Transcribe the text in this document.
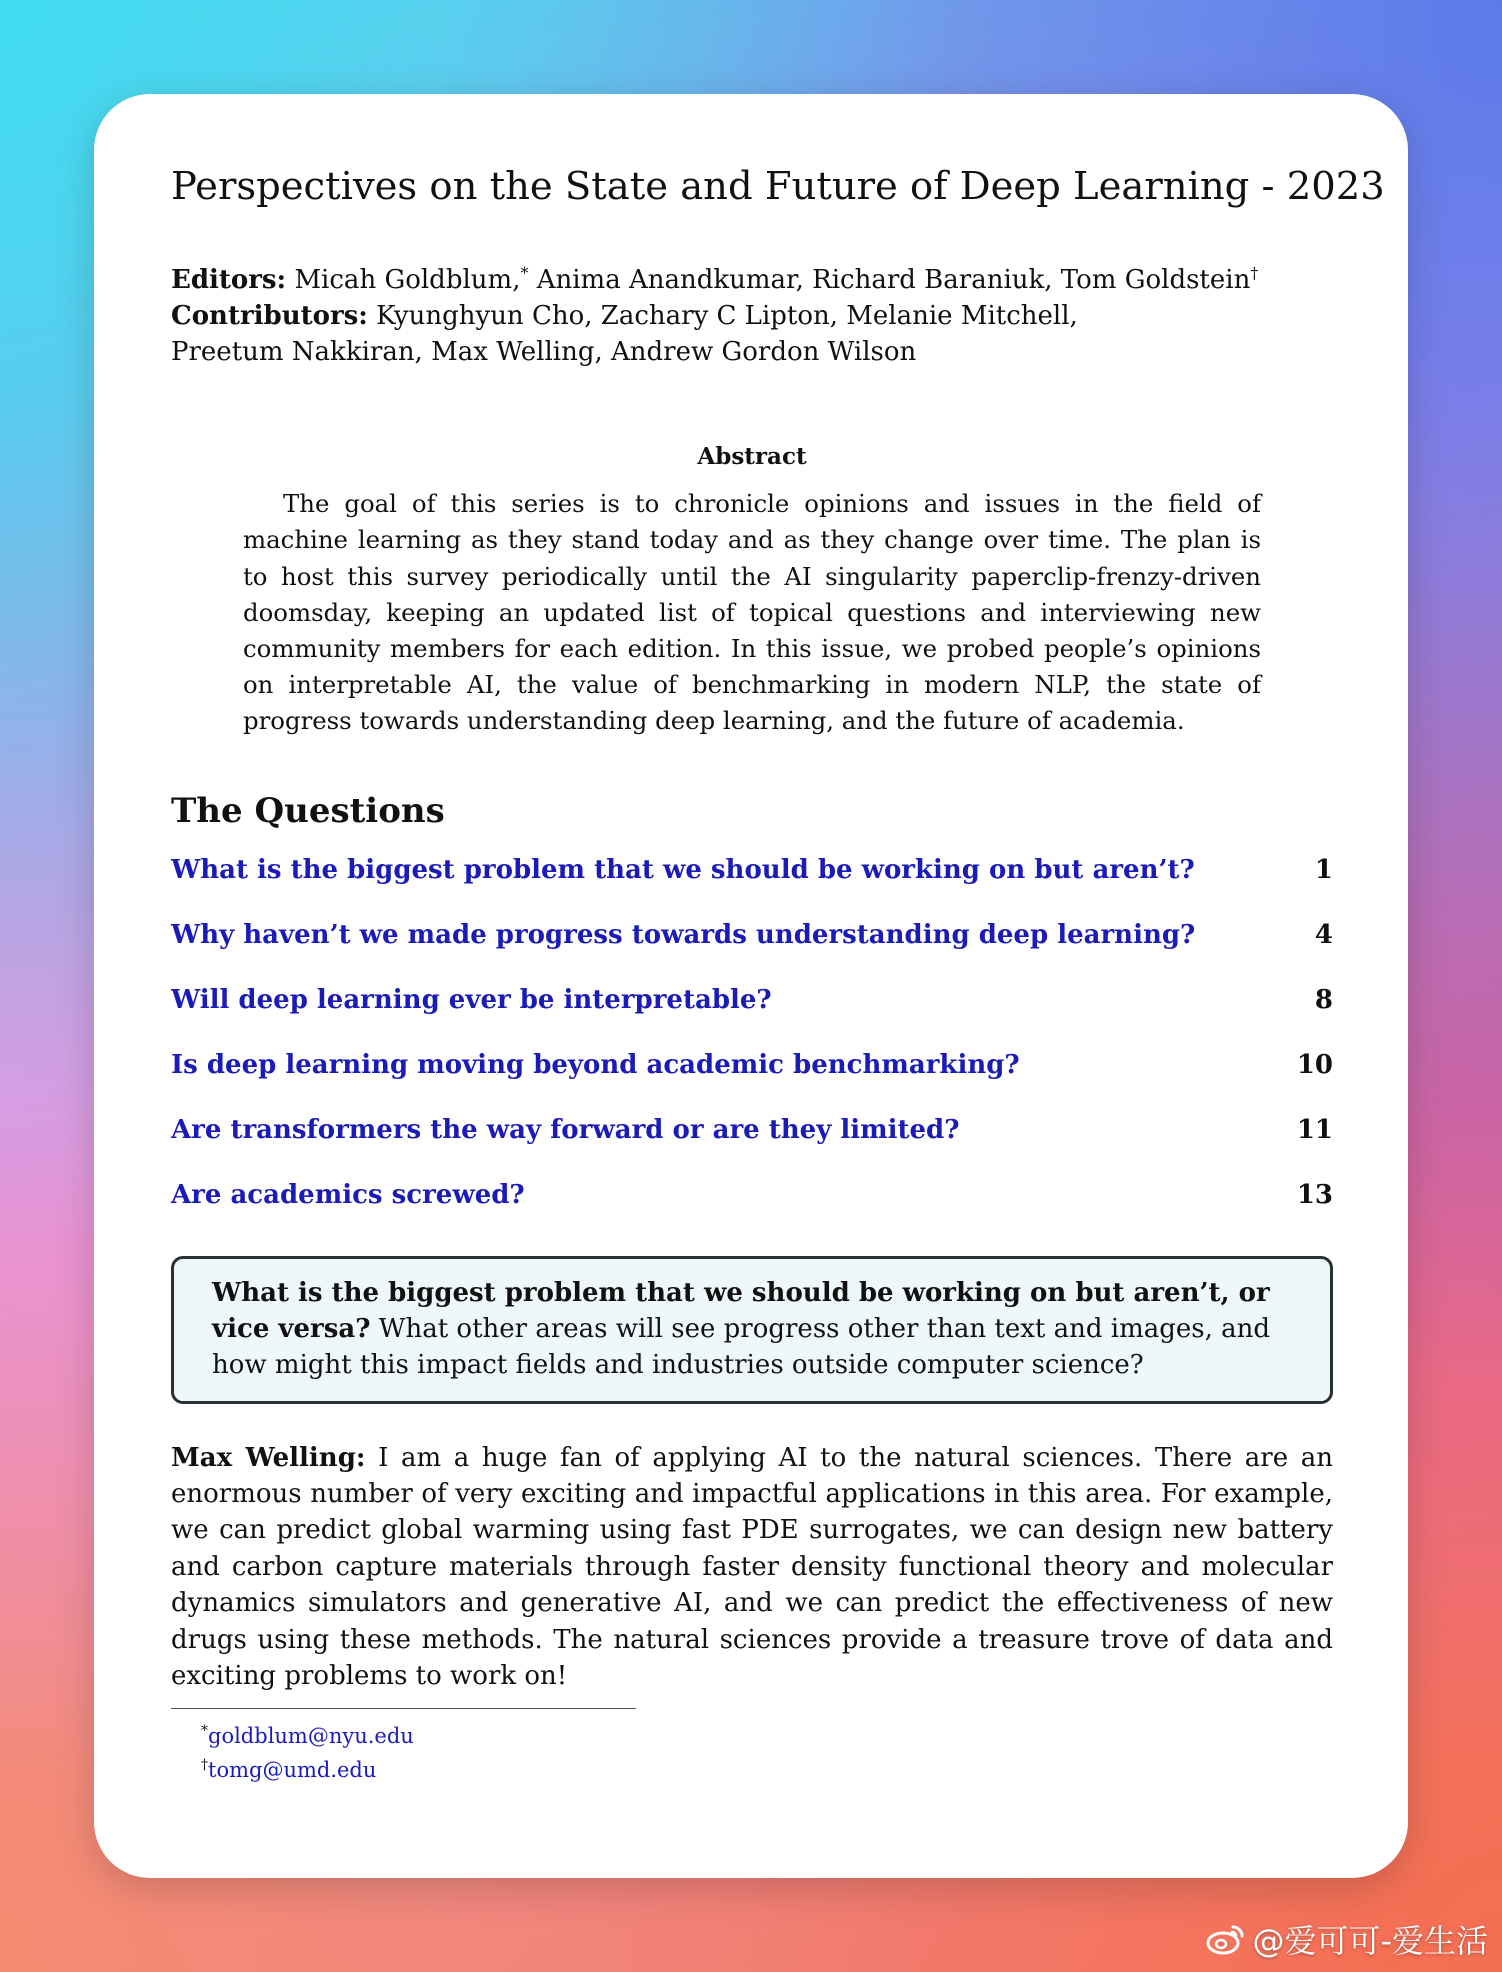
Perspectives on the State and Future of Deep Learning - 2023
Editors: Micah Goldblum,* Anima Anandkumar, Richard Baraniuk, Tom Goldstein†
Contributors: Kyunghyun Cho, Zachary C Lipton, Melanie Mitchell,
Preetum Nakkiran, Max Welling, Andrew Gordon Wilson
Abstract
The goal of this series is to chronicle opinions and issues in the field of machine learning as they stand today and as they change over time. The plan is to host this survey periodically until the AI singularity paperclip-frenzy-driven doomsday, keeping an updated list of topical questions and interviewing new community members for each edition. In this issue, we probed people’s opinions on interpretable AI, the value of benchmarking in modern NLP, the state of progress towards understanding deep learning, and the future of academia.
The Questions
What is the biggest problem that we should be working on but aren’t?	1
Why haven’t we made progress towards understanding deep learning?	4
Will deep learning ever be interpretable?	8
Is deep learning moving beyond academic benchmarking?	10
Are transformers the way forward or are they limited?	11
Are academics screwed?	13
What is the biggest problem that we should be working on but aren’t, or vice versa? What other areas will see progress other than text and images, and how might this impact fields and industries outside computer science?
Max Welling: I am a huge fan of applying AI to the natural sciences. There are an enormous number of very exciting and impactful applications in this area. For example, we can predict global warming using fast PDE surrogates, we can design new battery and carbon capture materials through faster density functional theory and molecular dynamics simulators and generative AI, and we can predict the effectiveness of new drugs using these methods. The natural sciences provide a treasure trove of data and exciting problems to work on!
*goldblum@nyu.edu
†tomg@umd.edu
@爱可可-爱生活
